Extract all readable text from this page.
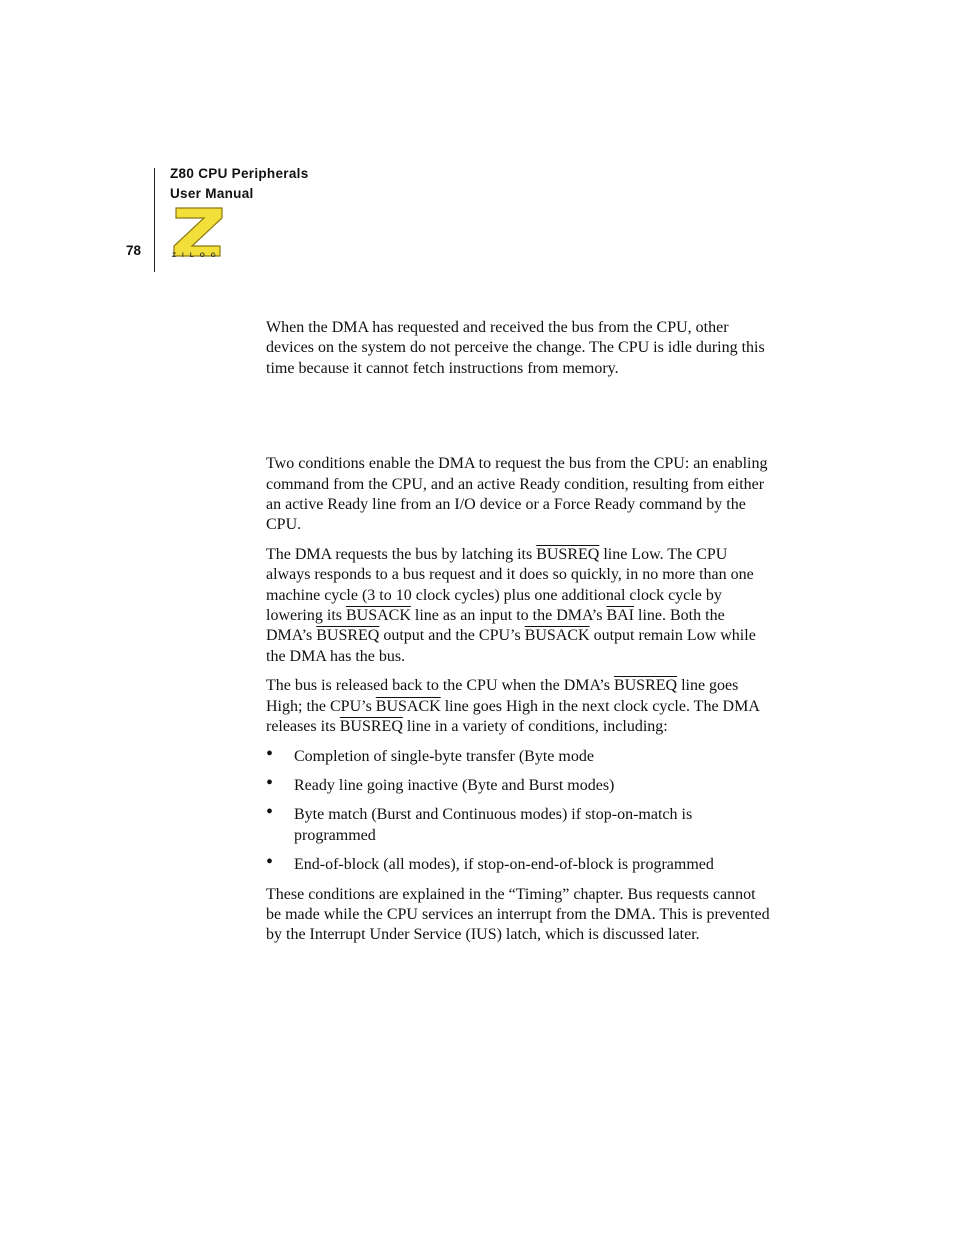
Z80 CPU Peripherals
User Manual
78	ZILOG

When the DMA has requested and received the bus from the CPU, other devices on the system do not perceive the change. The CPU is idle during this time because it cannot fetch instructions from memory.

Two conditions enable the DMA to request the bus from the CPU: an enabling command from the CPU, and an active Ready condition, resulting from either an active Ready line from an I/O device or a Force Ready command by the CPU.

The DMA requests the bus by latching its BUSREQ line Low. The CPU always responds to a bus request and it does so quickly, in no more than one machine cycle (3 to 10 clock cycles) plus one additional clock cycle by lowering its BUSACK line as an input to the DMA’s $\overline{BAI}$ line. Both the DMA’s BUSREQ output and the CPU’s BUSACK output remain Low while the DMA has the bus.

The bus is released back to the CPU when the DMA’s BUSREQ line goes High; the CPU’s BUSACK line goes High in the next clock cycle. The DMA releases its BUSREQ line in a variety of conditions, including:

• Completion of single-byte transfer (Byte mode
• Ready line going inactive (Byte and Burst modes)
• Byte match (Burst and Continuous modes) if stop-on-match is programmed
• End-of-block (all modes), if stop-on-end-of-block is programmed

These conditions are explained in the “Timing” chapter. Bus requests cannot be made while the CPU services an interrupt from the DMA. This is prevented by the Interrupt Under Service (IUS) latch, which is discussed later.
